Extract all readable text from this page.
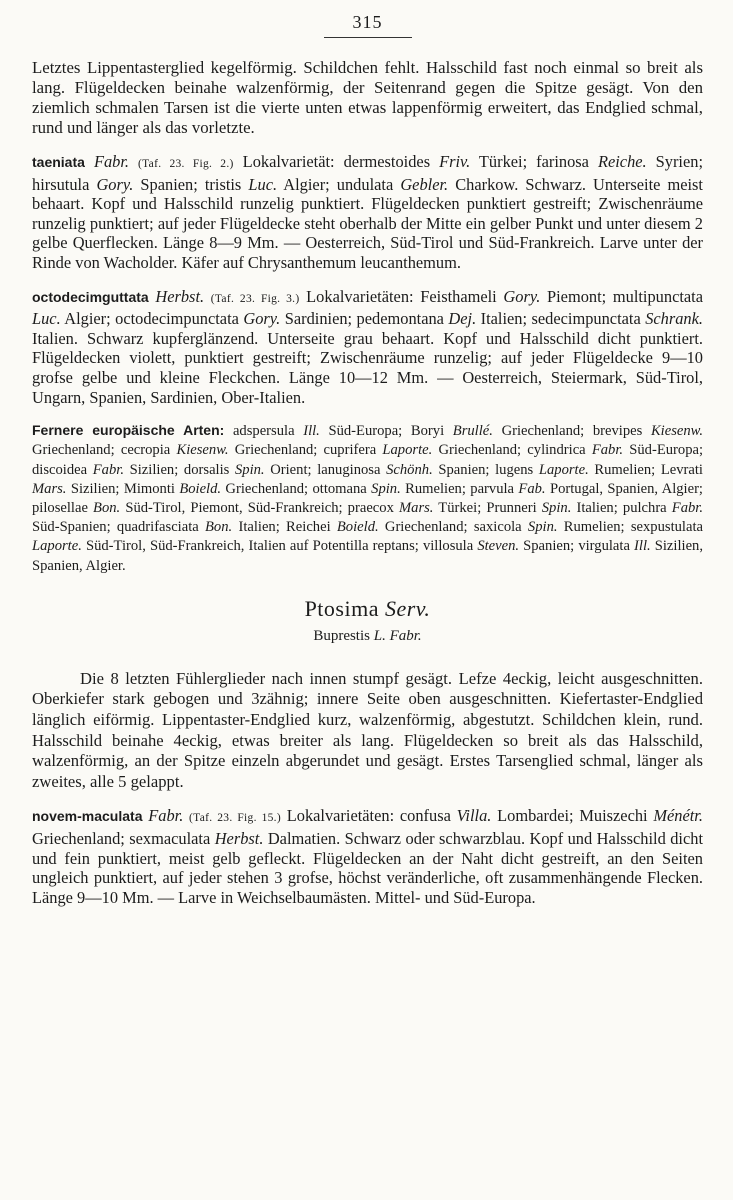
315

Letztes Lippentasterglied kegelförmig. Schildchen fehlt. Halsschild fast noch einmal so breit als lang. Flügeldecken beinahe walzenförmig, der Seitenrand gegen die Spitze gesägt. Von den ziemlich schmalen Tarsen ist die vierte unten etwas lappenförmig erweitert, das Endglied schmal, rund und länger als das vorletzte.

taeniata Fabr. (Taf. 23. Fig. 2.) Lokalvarietät: dermestoides Friv. Türkei; farinosa Reiche. Syrien; hirsutula Gory. Spanien; tristis Luc. Algier; undulata Gebler. Charkow. Schwarz. Unterseite meist behaart. Kopf und Halsschild runzelig punktiert. Flügeldecken punktiert gestreift; Zwischenräume runzelig punktiert; auf jeder Flügeldecke steht oberhalb der Mitte ein gelber Punkt und unter diesem 2 gelbe Querflecken. Länge 8—9 Mm. — Oesterreich, Süd-Tirol und Süd-Frankreich. Larve unter der Rinde von Wacholder. Käfer auf Chrysanthemum leucanthemum.

octodecimguttata Herbst. (Taf. 23. Fig. 3.) Lokalvarietäten: Feisthameli Gory. Piemont; multipunctata Luc. Algier; octodecimpunctata Gory. Sardinien; pedemontana Dej. Italien; sedecimpunctata Schrank. Italien. Schwarz kupferglänzend. Unterseite grau behaart. Kopf und Halsschild dicht punktiert. Flügeldecken violett, punktiert gestreift; Zwischenräume runzelig; auf jeder Flügeldecke 9—10 grofse gelbe und kleine Fleckchen. Länge 10—12 Mm. — Oesterreich, Steiermark, Süd-Tirol, Ungarn, Spanien, Sardinien, Ober-Italien.

Fernere europäische Arten: adspersula Ill. Süd-Europa; Boryi Brullé. Griechenland; brevipes Kiesenw. Griechenland; cecropia Kiesenw. Griechenland; cuprifera Laporte. Griechenland; cylindrica Fabr. Süd-Europa; discoidea Fabr. Sizilien; dorsalis Spin. Orient; lanuginosa Schönh. Spanien; lugens Laporte. Rumelien; Levrati Mars. Sizilien; Mimonti Boield. Griechenland; ottomana Spin. Rumelien; parvula Fab. Portugal, Spanien, Algier; pilosellae Bon. Süd-Tirol, Piemont, Süd-Frankreich; praecox Mars. Türkei; Prunneri Spin. Italien; pulchra Fabr. Süd-Spanien; quadrifasciata Bon. Italien; Reichei Boield. Griechenland; saxicola Spin. Rumelien; sexpustulata Laporte. Süd-Tirol, Süd-Frankreich, Italien auf Potentilla reptans; villosula Steven. Spanien; virgulata Ill. Sizilien, Spanien, Algier.

Ptosima Serv.
Buprestis L. Fabr.

Die 8 letzten Fühlerglieder nach innen stumpf gesägt. Lefze 4eckig, leicht ausgeschnitten. Oberkiefer stark gebogen und 3zähnig; innere Seite oben ausgeschnitten. Kiefertaster-Endglied länglich eiförmig. Lippentaster-Endglied kurz, walzenförmig, abgestutzt. Schildchen klein, rund. Halsschild beinahe 4eckig, etwas breiter als lang. Flügeldecken so breit als das Halsschild, walzenförmig, an der Spitze einzeln abgerundet und gesägt. Erstes Tarsenglied schmal, länger als zweites, alle 5 gelappt.

novem-maculata Fabr. (Taf. 23. Fig. 15.) Lokalvarietäten: confusa Villa. Lombardei; Muiszechi Ménétr. Griechenland; sexmaculata Herbst. Dalmatien. Schwarz oder schwarzblau. Kopf und Halsschild dicht und fein punktiert, meist gelb gefleckt. Flügeldecken an der Naht dicht gestreift, an den Seiten ungleich punktiert, auf jeder stehen 3 grofse, höchst veränderliche, oft zusammenhängende Flecken. Länge 9—10 Mm. — Larve in Weichselbaumästen. Mittel- und Süd-Europa.
